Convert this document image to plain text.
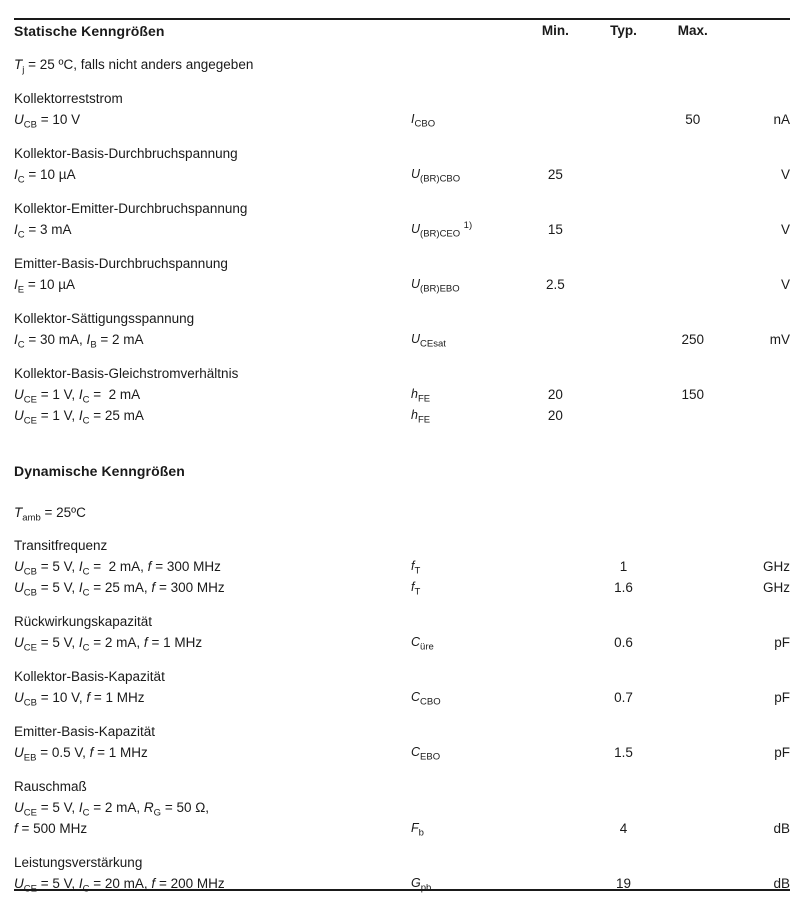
Statische Kenngrößen		Min.	Typ.	Max.	

$T_j = 25$ ºC, falls nicht anders angegeben					

Kollektorreststrom					
$U_{CB} = 10$ V	$I_{CBO}$			50	nA

Kollektor-Basis-Durchbruchspannung					
$I_C = 10$ µA	$U_{(BR)CBO}$	25			V

Kollektor-Emitter-Durchbruchspannung					
$I_C = 3$ mA	$U_{(BR)CEO}$ $^{1)}$	15			V

Emitter-Basis-Durchbruchspannung					
$I_E = 10$ µA	$U_{(BR)EBO}$	2.5			V

Kollektor-Sättigungsspannung					
$I_C = 30$ mA, $I_B = 2$ mA	$U_{CEsat}$			250	mV

Kollektor-Basis-Gleichstromverhältnis					
$U_{CE} = 1$ V, $I_C = 2$ mA	$h_{FE}$	20		150	
$U_{CE} = 1$ V, $I_C = 25$ mA	$h_{FE}$	20			

Dynamische Kenngrößen					

$T_{amb}$ = 25ºC					

Transitfrequenz					
$U_{CB} = 5$ V, $I_C = 2$ mA, f = 300 MHz	$f_T$		1		GHz
$U_{CB} = 5$ V, $I_C = 25$ mA, f = 300 MHz	$f_T$		1.6		GHz

Rückwirkungskapazität					
$U_{CE} = 5$ V, $I_C = 2$ mA, f = 1 MHz	$C_{üre}$		0.6		pF

Kollektor-Basis-Kapazität					
$U_{CB} = 10$ V, f = 1 MHz	$C_{CBO}$		0.7		pF

Emitter-Basis-Kapazität					
$U_{EB} = 0.5$ V, f = 1 MHz	$C_{EBO}$		1.5		pF

Rauschmaß					
$U_{CE} = 5$ V, $I_C = 2$ mA, $R_G = 50$ Ω,					
f = 500 MHz	$F_b$		4		dB

Leistungsverstärkung					
$U_{CE} = 5$ V, $I_C = 20$ mA, f = 200 MHz	$G_{pb}$		19		dB
